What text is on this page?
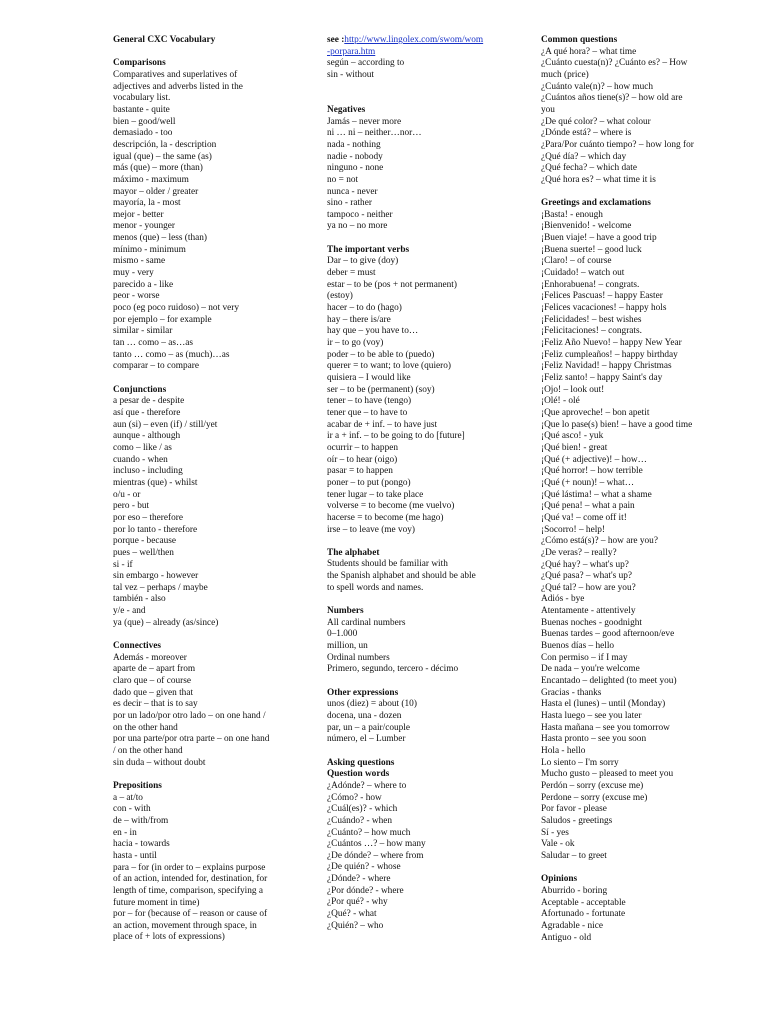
General CXC Vocabulary
Comparisons
Comparatives and superlatives of
adjectives and adverbs listed in the
vocabulary list.
bastante - quite
bien – good/well
demasiado - too
descripción, la - description
igual (que) – the same (as)
más (que) – more (than)
máximo - maximum
mayor – older / greater
mayoría, la - most
mejor - better
menor - younger
menos (que) – less (than)
mínimo - minimum
mismo - same
muy - very
parecido a - like
peor - worse
poco (eg poco ruidoso) – not very
por ejemplo – for example
similar - similar
tan … como – as…as
tanto … como – as (much)…as
comparar – to compare
Conjunctions
a pesar de - despite
así que - therefore
aun (si) – even (if) / still/yet
aunque - although
como – like / as
cuando - when
incluso - including
mientras (que) - whilst
o/u - or
pero - but
por eso – therefore
por lo tanto - therefore
porque - because
pues – well/then
si - if
sin embargo - however
tal vez – perhaps / maybe
también - also
y/e - and
ya (que) – already (as/since)
Connectives
Además - moreover
aparte de – apart from
claro que – of course
dado que – given that
es decir – that is to say
por un lado/por otro lado – on one hand /
on the other hand
por una parte/por otra parte – on one hand
/ on the other hand
sin duda – without doubt
Prepositions
a – at/to
con - with
de – with/from
en - in
hacia - towards
hasta - until
para – for (in order to – explains purpose
of an action, intended for, destination, for
length of time, comparison, specifying a
future moment in time)
por – for (because of – reason or cause of
an action, movement through space, in
place of + lots of expressions)
see :http://www.lingolex.com/swom/wom
-porpara.htm
según – according to
sin - without
Negatives
Jamás – never more
ni … ni – neither…nor…
nada - nothing
nadie - nobody
ninguno - none
no = not
nunca - never
sino - rather
tampoco - neither
ya no – no more
The important verbs
Dar – to give (doy)
deber = must
estar – to be (pos + not permanent)
(estoy)
hacer – to do (hago)
hay – there is/are
hay que – you have to…
ir – to go (voy)
poder – to be able to (puedo)
querer = to want; to love (quiero)
quisiera – I would like
ser – to be (permanent) (soy)
tener – to have (tengo)
tener que – to have to
acabar de + inf. – to have just
ir a + inf. – to be going to do [future]
ocurrir – to happen
oír – to hear (oigo)
pasar = to happen
poner – to put (pongo)
tener lugar – to take place
volverse = to become (me vuelvo)
hacerse = to become (me hago)
irse – to leave (me voy)
The alphabet
Students should be familiar with
the Spanish alphabet and should be able
to spell words and names.
Numbers
All cardinal numbers
0–1.000
million, un
Ordinal numbers
Primero, segundo, tercero - décimo
Other expressions
unos (diez) = about (10)
docena, una - dozen
par, un – a pair/couple
número, el – Lumber
Asking questions
Question words
¿Adónde? – where to
¿Cómo? - how
¿Cuál(es)? - which
¿Cuándo? - when
¿Cuánto? – how much
¿Cuántos …? – how many
¿De dónde? – where from
¿De quién? - whose
¿Dónde? - where
¿Por dónde? - where
¿Por qué? - why
¿Qué? - what
¿Quién? – who
Common questions
¿A qué hora? – what time
¿Cuánto cuesta(n)? ¿Cuánto es? – How
much (price)
¿Cuánto vale(n)? – how much
¿Cuántos años tiene(s)? – how old are
you
¿De qué color? – what colour
¿Dónde está? – where is
¿Para/Por cuánto tiempo? – how long for
¿Qué día? – which day
¿Qué fecha? – which date
¿Qué hora es? – what time it is
Greetings and exclamations
¡Basta! - enough
¡Bienvenido! - welcome
¡Buen viaje! – have a good trip
¡Buena suerte! – good luck
¡Claro! – of course
¡Cuidado! – watch out
¡Enhorabuena! – congrats.
¡Felices Pascuas! – happy Easter
¡Felices vacaciones! – happy hols
¡Felicidades! – best wishes
¡Felicitaciones! – congrats.
¡Feliz Año Nuevo! – happy New Year
¡Feliz cumpleaños! – happy birthday
¡Feliz Navidad! – happy Christmas
¡Feliz santo! – happy Saint's day
¡Ojo! – look out!
¡Olé! - olé
¡Que aproveche! – bon apetit
¡Que lo pase(s) bien! – have a good time
¡Qué asco! - yuk
¡Qué bien! - great
¡Qué (+ adjective)! – how…
¡Qué horror! – how terrible
¡Qué (+ noun)! – what…
¡Qué lástima! – what a shame
¡Qué pena! – what a pain
¡Qué va! – come off it!
¡Socorro! – help!
¿Cómo está(s)? – how are you?
¿De veras? – really?
¿Qué hay? – what's up?
¿Qué pasa? – what's up?
¿Qué tal? – how are you?
Adiós - bye
Atentamente - attentively
Buenas noches - goodnight
Buenas tardes – good afternoon/eve
Buenos días – hello
Con permiso – if I may
De nada – you're welcome
Encantado – delighted (to meet you)
Gracias - thanks
Hasta el (lunes) – until (Monday)
Hasta luego – see you later
Hasta mañana – see you tomorrow
Hasta pronto – see you soon
Hola - hello
Lo siento – I'm sorry
Mucho gusto – pleased to meet you
Perdón – sorry (excuse me)
Perdone – sorry (excuse me)
Por favor - please
Saludos - greetings
Sí - yes
Vale - ok
Saludar – to greet
Opinions
Aburrido - boring
Aceptable - acceptable
Afortunado - fortunate
Agradable - nice
Antiguo - old
